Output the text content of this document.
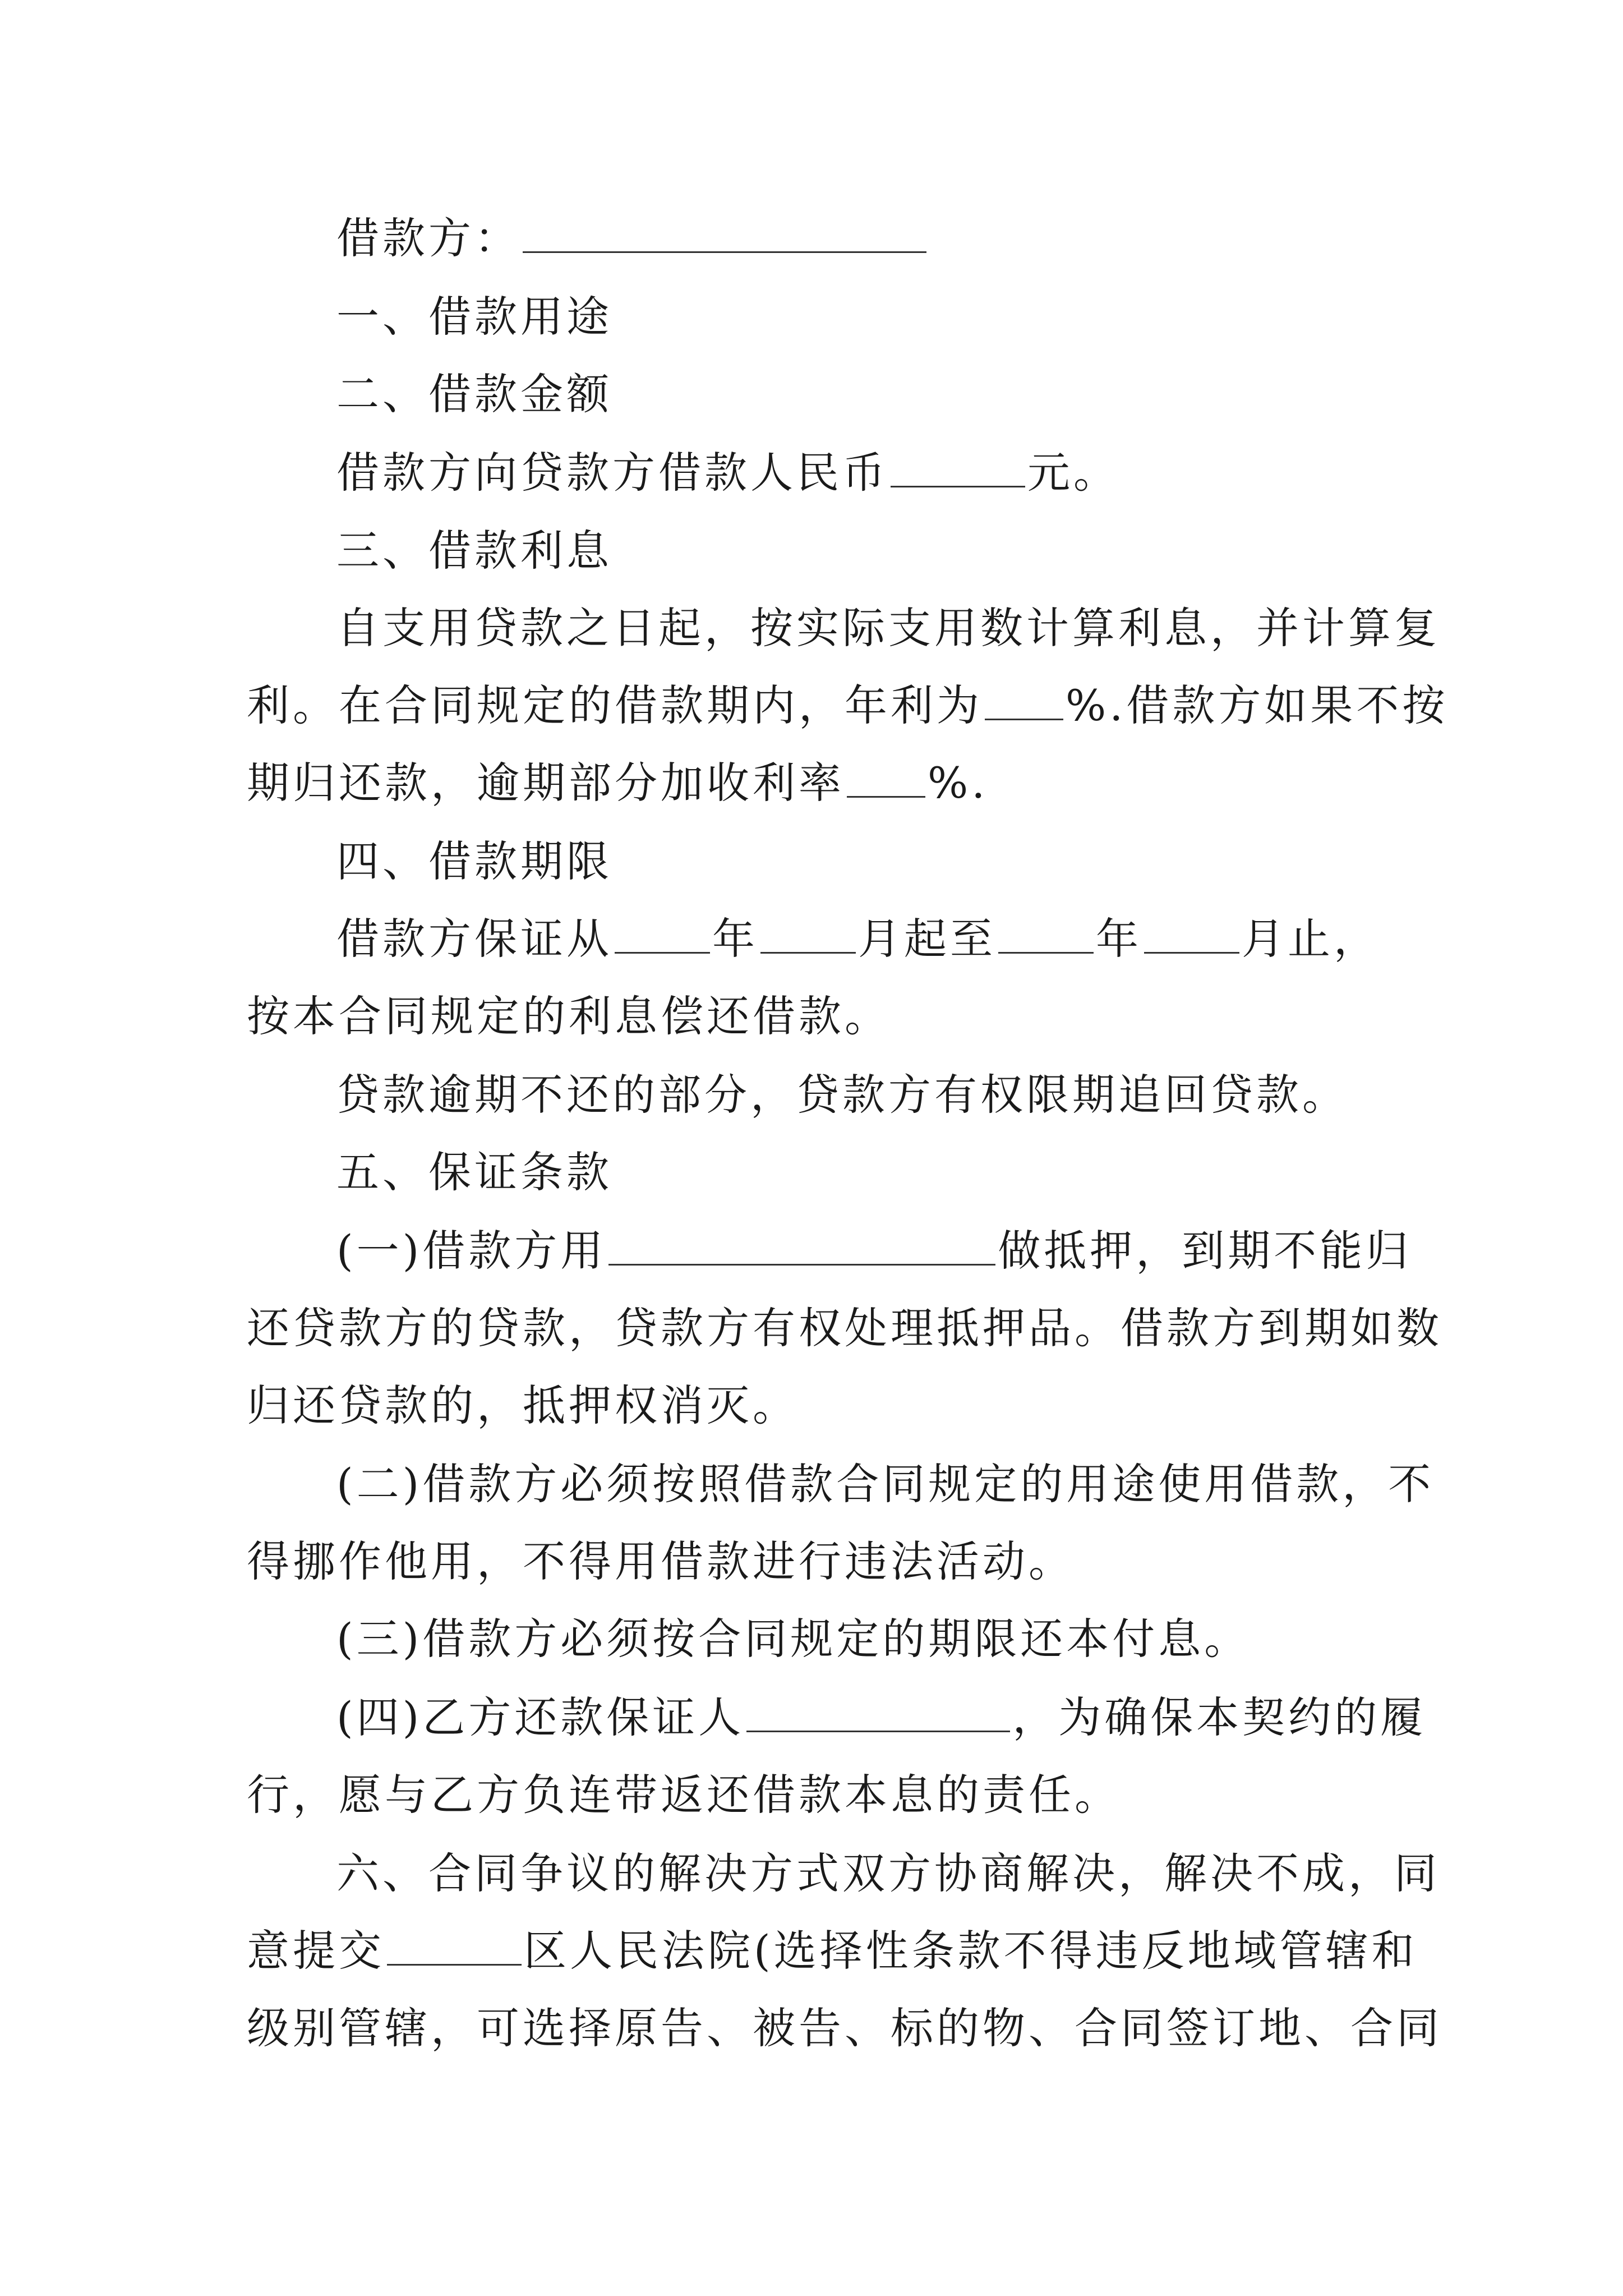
借款方：
一、借款用途
二、借款金额
借款方向贷款方借款人民币	元。
三、借款利息
自支用贷款之日起，按实际支用数计算利息，并计算复
利。在合同规定的借款期内，年利为 %.借款方如果不按
期归还款，逾期部分加收利率 %.
四、借款期限
借款方保证从 年 月起至 年 月止，
按本合同规定的利息偿还借款。
贷款逾期不还的部分，贷款方有权限期追回贷款。
五、保证条款
(一)借款方用	做抵押，到期不能归
还贷款方的贷款，贷款方有权处理抵押品。借款方到期如数
归还贷款的，抵押权消灭。
(二)借款方必须按照借款合同规定的用途使用借款，不
得挪作他用，不得用借款进行违法活动。
(三)借款方必须按合同规定的期限还本付息。
(四)乙方还款保证人	，为确保本契约的履
行，愿与乙方负连带返还借款本息的责任。
六、合同争议的解决方式双方协商解决，解决不成，同
意提交	区人民法院(选择性条款不得违反地域管辖和
级别管辖，可选择原告、被告、标的物、合同签订地、合同
